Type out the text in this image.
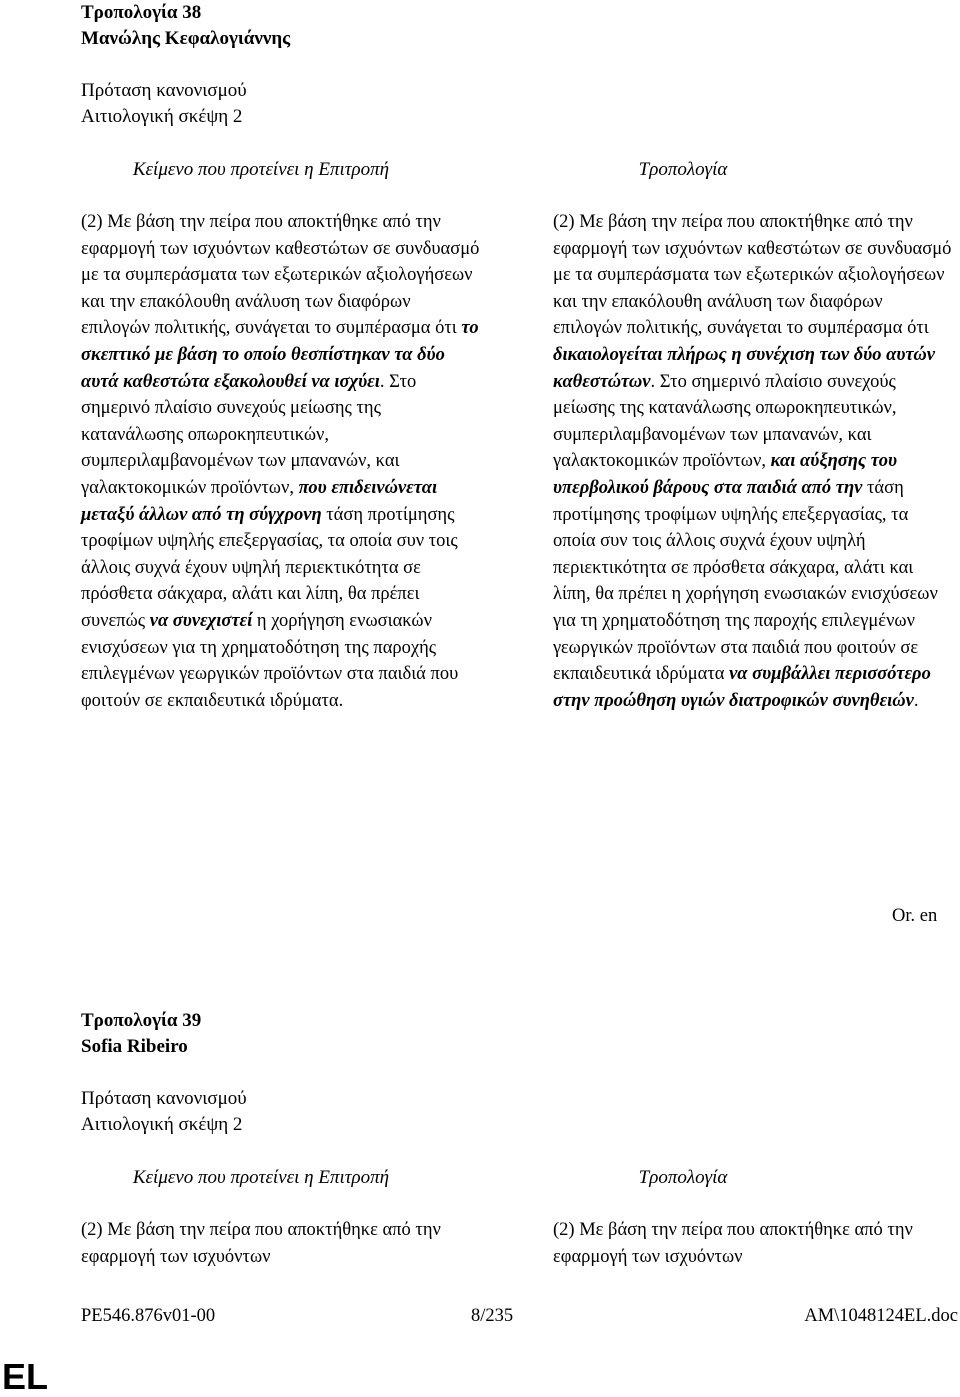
Τροπολογία 38

Μανώλης Κεφαλογιάννης

Πρόταση κανονισμού
Αιτιολογική σκέψη 2

Κείμενο που προτείνει η Επιτροπή

(2) Με βάση την πείρα που αποκτήθηκε από την εφαρμογή των ισχυόντων καθεστώτων σε συνδυασμό με τα συμπεράσματα των εξωτερικών αξιολογήσεων και την επακόλουθη ανάλυση των διαφόρων επιλογών πολιτικής, συνάγεται το συμπέρασμα ότι το σκεπτικό με βάση το οποίο θεσπίστηκαν τα δύο αυτά καθεστώτα εξακολουθεί να ισχύει. Στο σημερινό πλαίσιο συνεχούς μείωσης της κατανάλωσης οπωροκηπευτικών, συμπεριλαμβανομένων των μπανανών, και γαλακτοκομικών προϊόντων, που επιδεινώνεται μεταξύ άλλων από τη σύγχρονη τάση προτίμησης τροφίμων υψηλής επεξεργασίας, τα οποία συν τοις άλλοις συχνά έχουν υψηλή περιεκτικότητα σε πρόσθετα σάκχαρα, αλάτι και λίπη, θα πρέπει συνεπώς να συνεχιστεί η χορήγηση ενωσιακών ενισχύσεων για τη χρηματοδότηση της παροχής επιλεγμένων γεωργικών προϊόντων στα παιδιά που φοιτούν σε εκπαιδευτικά ιδρύματα.

Τροπολογία

(2) Με βάση την πείρα που αποκτήθηκε από την εφαρμογή των ισχυόντων καθεστώτων σε συνδυασμό με τα συμπεράσματα των εξωτερικών αξιολογήσεων και την επακόλουθη ανάλυση των διαφόρων επιλογών πολιτικής, συνάγεται το συμπέρασμα ότι δικαιολογείται πλήρως η συνέχιση των δύο αυτών καθεστώτων. Στο σημερινό πλαίσιο συνεχούς μείωσης της κατανάλωσης οπωροκηπευτικών, συμπεριλαμβανομένων των μπανανών, και γαλακτοκομικών προϊόντων, και αύξησης του υπερβολικού βάρους στα παιδιά από την τάση προτίμησης τροφίμων υψηλής επεξεργασίας, τα οποία συν τοις άλλοις συχνά έχουν υψηλή περιεκτικότητα σε πρόσθετα σάκχαρα, αλάτι και λίπη, θα πρέπει η χορήγηση ενωσιακών ενισχύσεων για τη χρηματοδότηση της παροχής επιλεγμένων γεωργικών προϊόντων στα παιδιά που φοιτούν σε εκπαιδευτικά ιδρύματα να συμβάλλει περισσότερο στην προώθηση υγιών διατροφικών συνηθειών.
Or. en

Τροπολογία 39

Sofia Ribeiro

Πρόταση κανονισμού
Αιτιολογική σκέψη 2

Κείμενο που προτείνει η Επιτροπή

(2) Με βάση την πείρα που αποκτήθηκε από την εφαρμογή των ισχυόντων

Τροπολογία

(2) Με βάση την πείρα που αποκτήθηκε από την εφαρμογή των ισχυόντων
PE546.876v01-00	8/235	AM\1048124EL.doc
EL
